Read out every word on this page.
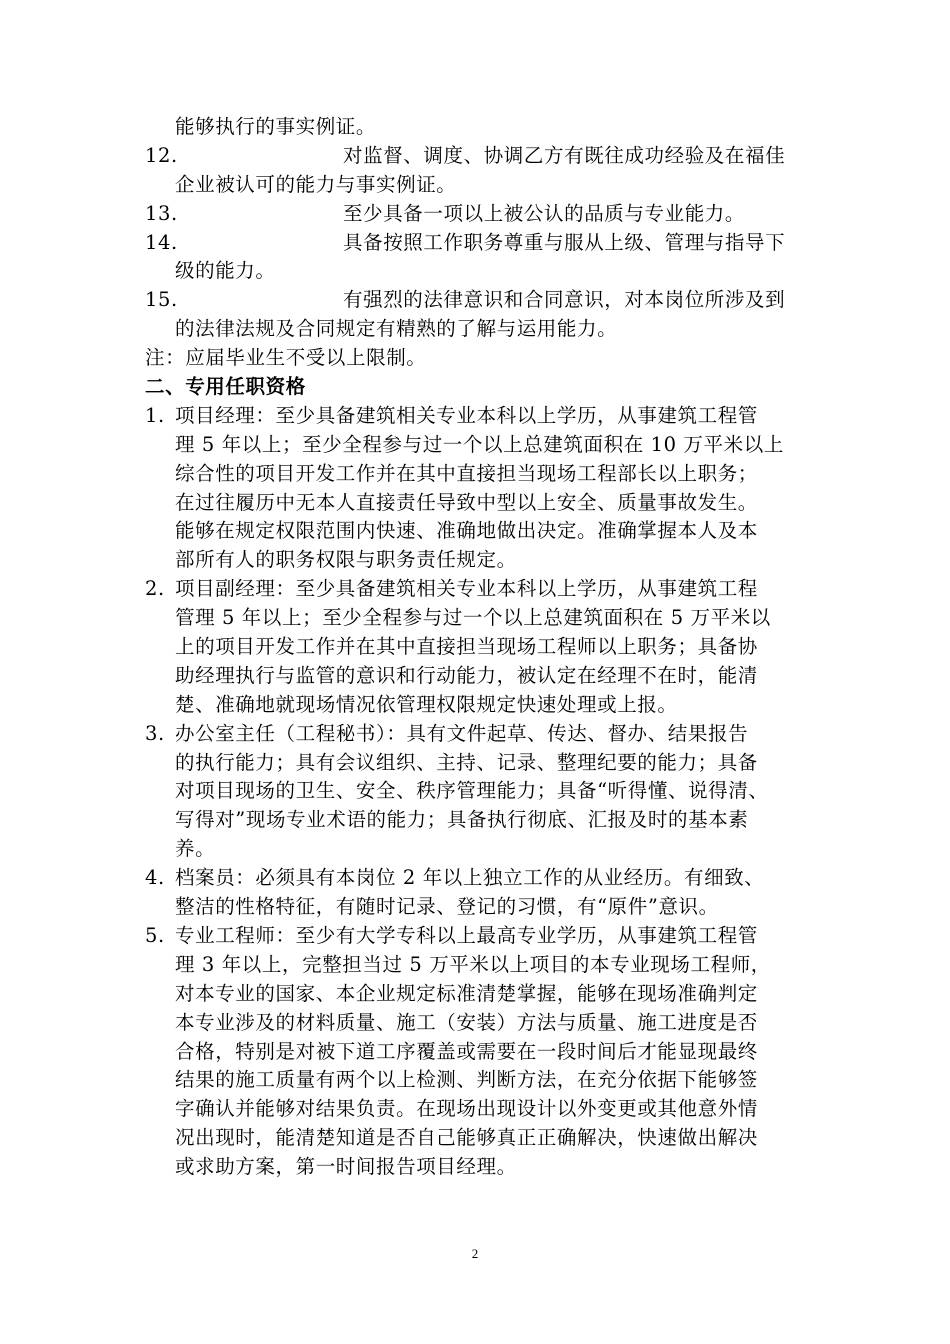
能够执行的事实例证。
12.	对监督、调度、协调乙方有既往成功经验及在福佳
企业被认可的能力与事实例证。
13.	至少具备一项以上被公认的品质与专业能力。
14.	具备按照工作职务尊重与服从上级、管理与指导下
级的能力。
15.	有强烈的法律意识和合同意识，对本岗位所涉及到
的法律法规及合同规定有精熟的了解与运用能力。
注：应届毕业生不受以上限制。
二、专用任职资格
1. 项目经理：至少具备建筑相关专业本科以上学历，从事建筑工程管
理 5 年以上；至少全程参与过一个以上总建筑面积在 10 万平米以上
综合性的项目开发工作并在其中直接担当现场工程部长以上职务；
在过往履历中无本人直接责任导致中型以上安全、质量事故发生。
能够在规定权限范围内快速、准确地做出决定。准确掌握本人及本
部所有人的职务权限与职务责任规定。
2. 项目副经理：至少具备建筑相关专业本科以上学历，从事建筑工程
管理 5 年以上；至少全程参与过一个以上总建筑面积在 5 万平米以
上的项目开发工作并在其中直接担当现场工程师以上职务；具备协
助经理执行与监管的意识和行动能力，被认定在经理不在时，能清
楚、准确地就现场情况依管理权限规定快速处理或上报。
3. 办公室主任（工程秘书）：具有文件起草、传达、督办、结果报告
的执行能力；具有会议组织、主持、记录、整理纪要的能力；具备
对项目现场的卫生、安全、秩序管理能力；具备“听得懂、说得清、
写得对”现场专业术语的能力；具备执行彻底、汇报及时的基本素
养。
4. 档案员：必须具有本岗位 2 年以上独立工作的从业经历。有细致、
整洁的性格特征，有随时记录、登记的习惯，有“原件”意识。
5. 专业工程师：至少有大学专科以上最高专业学历，从事建筑工程管
理 3 年以上，完整担当过 5 万平米以上项目的本专业现场工程师，
对本专业的国家、本企业规定标准清楚掌握，能够在现场准确判定
本专业涉及的材料质量、施工（安装）方法与质量、施工进度是否
合格，特别是对被下道工序覆盖或需要在一段时间后才能显现最终
结果的施工质量有两个以上检测、判断方法，在充分依据下能够签
字确认并能够对结果负责。在现场出现设计以外变更或其他意外情
况出现时，能清楚知道是否自己能够真正正确解决，快速做出解决
或求助方案，第一时间报告项目经理。
2
